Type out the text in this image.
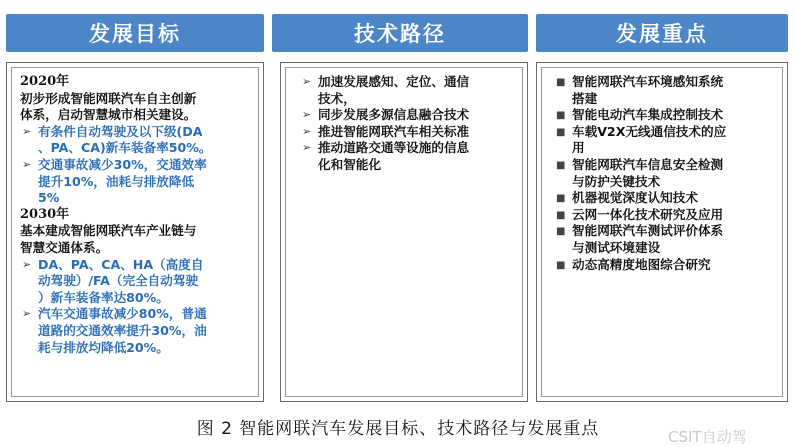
发展目标	技术路径	发展重点
2020年
初步形成智能网联汽车自主创新
体系，启动智慧城市相关建设。
➢ 有条件自动驾驶及以下级(DA
、PA、CA)新车装备率50%。
➢ 交通事故减少30%，交通效率
提升10%，油耗与排放降低
5%
2030年
基本建成智能网联汽车产业链与
智慧交通体系。
➢ DA、PA、CA、HA（高度自
动驾驶）/FA（完全自动驾驶
）新车装备率达80%。
➢ 汽车交通事故减少80%，普通
道路的交通效率提升30%，油
耗与排放均降低20%。
➢ 加速发展感知、定位、通信
技术，
➢ 同步发展多源信息融合技术
➢ 推进智能网联汽车相关标准
➢ 推动道路交通等设施的信息
化和智能化
■ 智能网联汽车环境感知系统
搭建
■ 智能电动汽车集成控制技术
■ 车载V2X无线通信技术的应
用
■ 智能网联汽车信息安全检测
与防护关键技术
■ 机器视觉深度认知技术
■ 云网一体化技术研究及应用
■ 智能网联汽车测试评价体系
与测试环境建设
■ 动态高精度地图综合研究
图 2 智能网联汽车发展目标、技术路径与发展重点	CSIT自动驾
